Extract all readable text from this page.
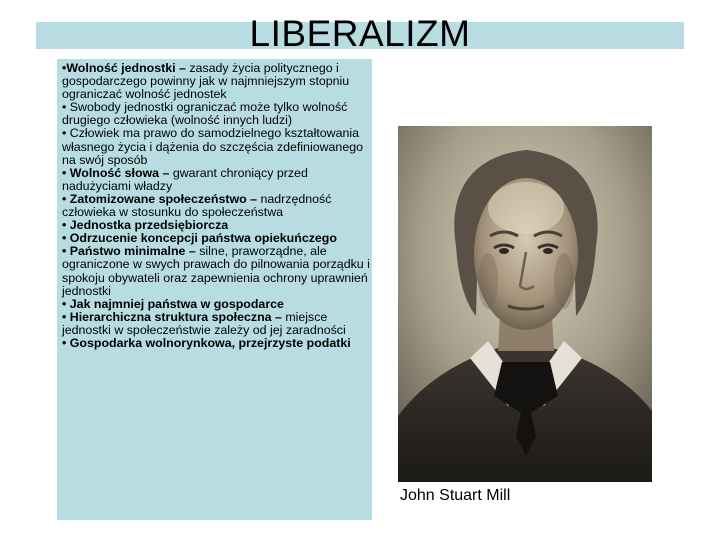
LIBERALIZM

•Wolność jednostki – zasady życia politycznego i gospodarczego powinny jak w najmniejszym stopniu ograniczać wolność jednostek

• Swobody jednostki ograniczać może tylko wolność drugiego człowieka (wolność innych ludzi)

• Człowiek ma prawo do samodzielnego kształtowania własnego życia i dążenia do szczęścia zdefiniowanego na swój sposób

• Wolność słowa – gwarant chroniący przed nadużyciami władzy

• Zatomizowane społeczeństwo – nadrzędność człowieka w stosunku do społeczeństwa

• Jednostka przedsiębiorcza

• Odrzucenie koncepcji państwa opiekuńczego

• Państwo minimalne – silne, praworządne, ale ograniczone w swych prawach do pilnowania porządku i spokoju obywateli oraz zapewnienia ochrony uprawnień jednostki

• Jak najmniej państwa w gospodarce

• Hierarchiczna struktura społeczna – miejsce jednostki w społeczeństwie zależy od jej zaradności

• Gospodarka wolnorynkowa, przejrzyste podatki

John Stuart Mill
